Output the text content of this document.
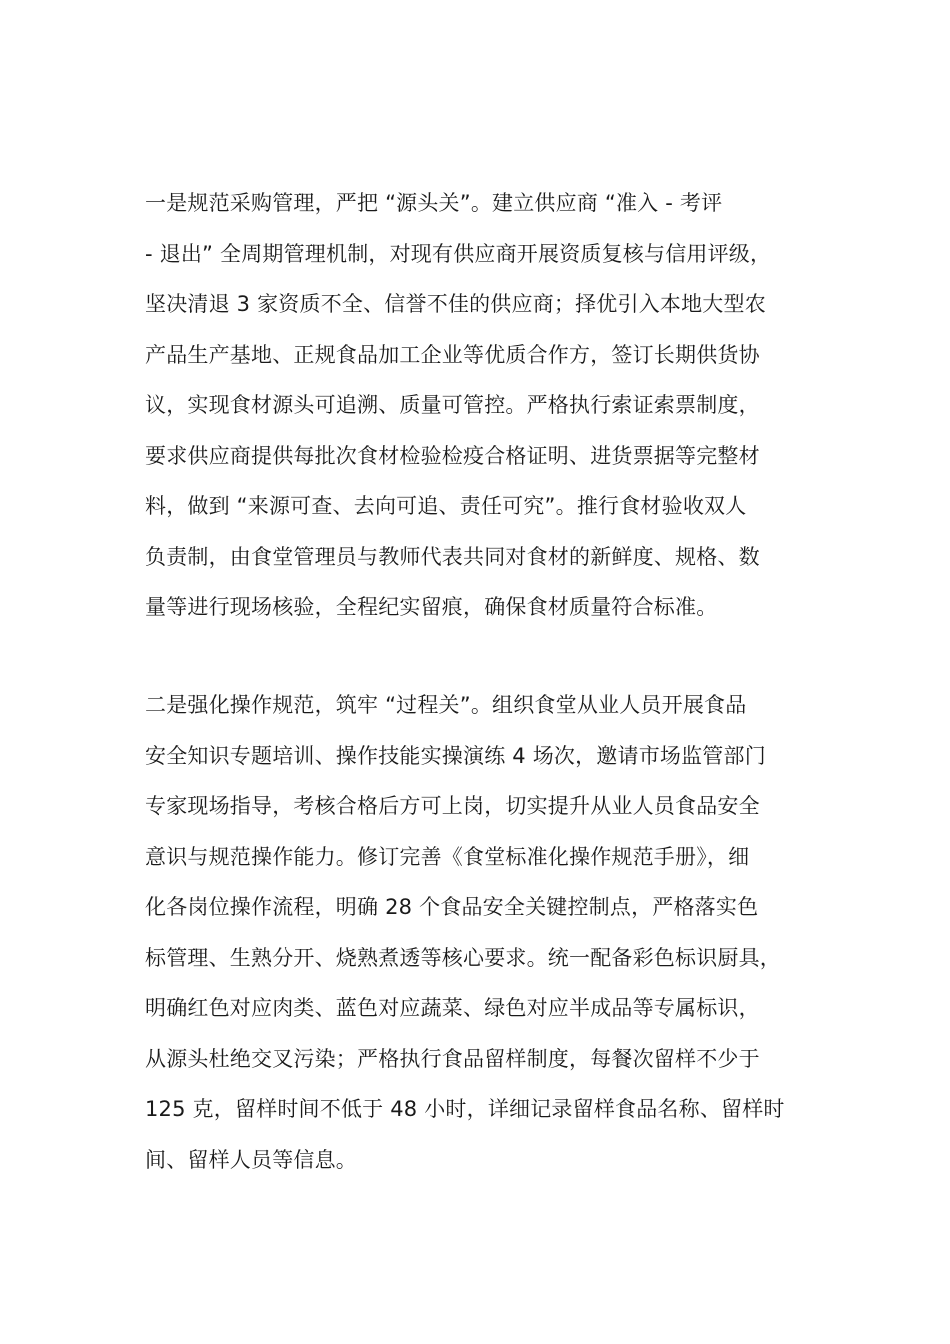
一是规范采购管理，严把 “源头关”。建立供应商 “准入 - 考评
- 退出” 全周期管理机制，对现有供应商开展资质复核与信用评级，
坚决清退 3 家资质不全、信誉不佳的供应商；择优引入本地大型农
产品生产基地、正规食品加工企业等优质合作方，签订长期供货协
议，实现食材源头可追溯、质量可管控。严格执行索证索票制度，
要求供应商提供每批次食材检验检疫合格证明、进货票据等完整材
料，做到 “来源可查、去向可追、责任可究”。推行食材验收双人
负责制，由食堂管理员与教师代表共同对食材的新鲜度、规格、数
量等进行现场核验，全程纪实留痕，确保食材质量符合标准。
二是强化操作规范，筑牢 “过程关”。组织食堂从业人员开展食品
安全知识专题培训、操作技能实操演练 4 场次，邀请市场监管部门
专家现场指导，考核合格后方可上岗，切实提升从业人员食品安全
意识与规范操作能力。修订完善《食堂标准化操作规范手册》，细
化各岗位操作流程，明确 28 个食品安全关键控制点，严格落实色
标管理、生熟分开、烧熟煮透等核心要求。统一配备彩色标识厨具，
明确红色对应肉类、蓝色对应蔬菜、绿色对应半成品等专属标识，
从源头杜绝交叉污染；严格执行食品留样制度，每餐次留样不少于
125 克，留样时间不低于 48 小时，详细记录留样食品名称、留样时
间、留样人员等信息。
